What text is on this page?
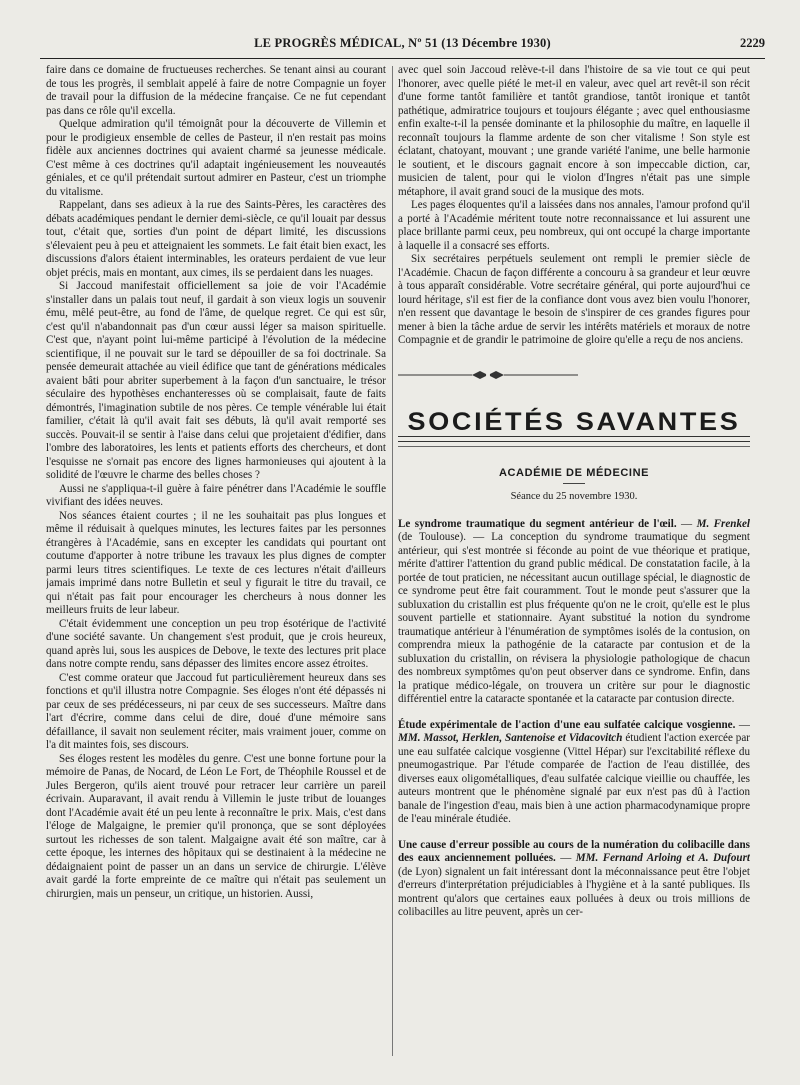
LE PROGRÈS MÉDICAL, Nº 51 (13 Décembre 1930)	2229

faire dans ce domaine de fructueuses recherches. Se tenant ainsi au courant de tous les progrès, il semblait appelé à faire de notre Compagnie un foyer de travail pour la diffusion de la médecine française. Ce ne fut cependant pas dans ce rôle qu'il excella.

Quelque admiration qu'il témoignât pour la découverte de Villemin et pour le prodigieux ensemble de celles de Pasteur, il n'en restait pas moins fidèle aux anciennes doctrines qui avaient charmé sa jeunesse médicale. C'est même à ces doctrines qu'il adaptait ingénieusement les nouveautés géniales, et ce qu'il prétendait surtout admirer en Pasteur, c'est un triomphe du vitalisme.

Rappelant, dans ses adieux à la rue des Saints-Pères, les caractères des débats académiques pendant le dernier demi-siècle, ce qu'il louait par dessus tout, c'était que, sorties d'un point de départ limité, les discussions s'élevaient peu à peu et atteignaient les sommets. Le fait était bien exact, les discussions d'alors étaient interminables, les orateurs perdaient de vue leur objet précis, mais en montant, aux cimes, ils se perdaient dans les nuages.

Si Jaccoud manifestait officiellement sa joie de voir l'Académie s'installer dans un palais tout neuf, il gardait à son vieux logis un souvenir ému, mêlé peut-être, au fond de l'âme, de quelque regret. Ce qui est sûr, c'est qu'il n'abandonnait pas d'un cœur aussi léger sa maison spirituelle. C'est que, n'ayant point lui-même participé à l'évolution de la médecine scientifique, il ne pouvait sur le tard se dépouiller de sa foi doctrinale. Sa pensée demeurait attachée au vieil édifice que tant de générations médicales avaient bâti pour abriter superbement à la façon d'un sanctuaire, le trésor séculaire des hypothèses enchanteresses où se complaisait, faute de faits démontrés, l'imagination subtile de nos pères. Ce temple vénérable lui était familier, c'était là qu'il avait fait ses débuts, là qu'il avait remporté ses succès. Pouvait-il se sentir à l'aise dans celui que projetaient d'édifier, dans l'ombre des laboratoires, les lents et patients efforts des chercheurs, et dont l'esquisse ne s'ornait pas encore des lignes harmonieuses qui ajoutent à la solidité de l'œuvre le charme des belles choses ?

Aussi ne s'appliqua-t-il guère à faire pénétrer dans l'Académie le souffle vivifiant des idées neuves.

Nos séances étaient courtes ; il ne les souhaitait pas plus longues et même il réduisait à quelques minutes, les lectures faites par les personnes étrangères à l'Académie, sans en excepter les candidats qui pourtant ont coutume d'apporter à notre tribune les travaux les plus dignes de compter parmi leurs titres scientifiques. Le texte de ces lectures n'était d'ailleurs jamais imprimé dans notre Bulletin et seul y figurait le titre du travail, ce qui n'était pas fait pour encourager les chercheurs à nous donner les meilleurs fruits de leur labeur.

C'était évidemment une conception un peu trop ésotérique de l'activité d'une société savante. Un changement s'est produit, que je crois heureux, quand après lui, sous les auspices de Debove, le texte des lectures prit place dans notre compte rendu, sans dépasser des limites encore assez étroites.

C'est comme orateur que Jaccoud fut particulièrement heureux dans ses fonctions et qu'il illustra notre Compagnie. Ses éloges n'ont été dépassés ni par ceux de ses prédécesseurs, ni par ceux de ses successeurs. Maître dans l'art d'écrire, comme dans celui de dire, doué d'une mémoire sans défaillance, il savait non seulement réciter, mais vraiment jouer, comme on l'a dit maintes fois, ses discours.

Ses éloges restent les modèles du genre. C'est une bonne fortune pour la mémoire de Panas, de Nocard, de Léon Le Fort, de Théophile Roussel et de Jules Bergeron, qu'ils aient trouvé pour retracer leur carrière un pareil écrivain. Auparavant, il avait rendu à Villemin le juste tribut de louanges dont l'Académie avait été un peu lente à reconnaître le prix. Mais, c'est dans l'éloge de Malgaigne, le premier qu'il prononça, que se sont déployées surtout les richesses de son talent. Malgaigne avait été son maître, car à cette époque, les internes des hôpitaux qui se destinaient à la médecine ne dédaignaient point de passer un an dans un service de chirurgie. L'élève avait gardé la forte empreinte de ce maître qui n'était pas seulement un chirurgien, mais un penseur, un critique, un historien. Aussi,

avec quel soin Jaccoud relève-t-il dans l'histoire de sa vie tout ce qui peut l'honorer, avec quelle piété le met-il en valeur, avec quel art revêt-il son récit d'une forme tantôt familière et tantôt grandiose, tantôt ironique et tantôt pathétique, admiratrice toujours et toujours élégante ; avec quel enthousiasme enfin exalte-t-il la pensée dominante et la philosophie du maître, en laquelle il reconnaît toujours la flamme ardente de son cher vitalisme ! Son style est éclatant, chatoyant, mouvant ; une grande variété l'anime, une belle harmonie le soutient, et le discours gagnait encore à son impeccable diction, car, musicien de talent, pour qui le violon d'Ingres n'était pas une simple métaphore, il avait grand souci de la musique des mots.

Les pages éloquentes qu'il a laissées dans nos annales, l'amour profond qu'il a porté à l'Académie méritent toute notre reconnaissance et lui assurent une place brillante parmi ceux, peu nombreux, qui ont occupé la charge importante à laquelle il a consacré ses efforts.

Six secrétaires perpétuels seulement ont rempli le premier siècle de l'Académie. Chacun de façon différente a concouru à sa grandeur et leur œuvre à tous apparaît considérable. Votre secrétaire général, qui porte aujourd'hui ce lourd héritage, s'il est fier de la confiance dont vous avez bien voulu l'honorer, n'en ressent que davantage le besoin de s'inspirer de ces grandes figures pour mener à bien la tâche ardue de servir les intérêts matériels et moraux de notre Compagnie et de grandir le patrimoine de gloire qu'elle a reçu de nos anciens.

SOCIÉTÉS SAVANTES
ACADÉMIE DE MÉDECINE
Séance du 25 novembre 1930.

Le syndrome traumatique du segment antérieur de l'œil. — M. Frenkel (de Toulouse). — La conception du syndrome traumatique du segment antérieur, qui s'est montrée si féconde au point de vue théorique et pratique, mérite d'attirer l'attention du grand public médical. De constatation facile, à la portée de tout praticien, ne nécessitant aucun outillage spécial, le diagnostic de ce syndrome peut être fait couramment. Tout le monde peut s'assurer que la subluxation du cristallin est plus fréquente qu'on ne le croit, qu'elle est le plus souvent partielle et stationnaire. Ayant substitué la notion du syndrome traumatique antérieur à l'énumération de symptômes isolés de la contusion, on comprendra mieux la pathogénie de la cataracte par contusion et de la subluxation du cristallin, on révisera la physiologie pathologique de chacun des nombreux symptômes qu'on peut observer dans ce syndrome. Enfin, dans la pratique médico-légale, on trouvera un critère sur pour le diagnostic différentiel entre la cataracte spontanée et la cataracte par contusion directe.

Étude expérimentale de l'action d'une eau sulfatée calcique vosgienne. — MM. Massot, Herklen, Santenoise et Vidacovitch étudient l'action exercée par une eau sulfatée calcique vosgienne (Vittel Hépar) sur l'excitabilité réflexe du pneumogastrique. Par l'étude comparée de l'action de l'eau distillée, des diverses eaux oligométalliques, d'eau sulfatée calcique vieillie ou chauffée, les auteurs montrent que le phénomène signalé par eux n'est pas dû à l'action banale de l'ingestion d'eau, mais bien à une action pharmacodynamique propre de l'eau minérale étudiée.

Une cause d'erreur possible au cours de la numération du colibacille dans des eaux anciennement polluées. — MM. Fernand Arloing et A. Dufourt (de Lyon) signalent un fait intéressant dont la méconnaissance peut être l'objet d'erreurs d'interprétation préjudiciables à l'hygiène et à la santé publiques. Ils montrent qu'alors que certaines eaux polluées à deux ou trois millions de colibacilles au litre peuvent, après un cer-
